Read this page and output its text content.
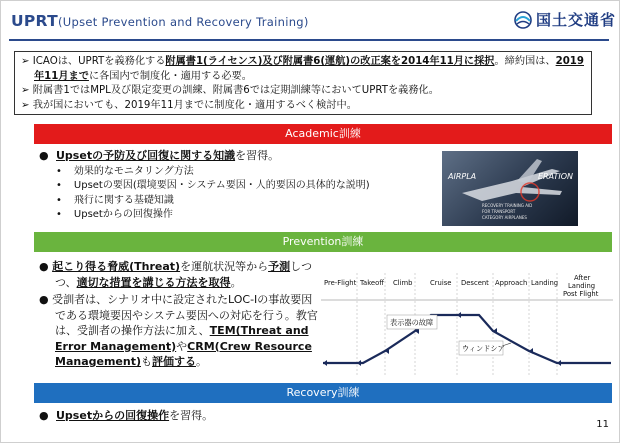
UPRT(Upset Prevention and Recovery Training)	国土交通省

➢ ICAOは、UPRTを義務化する附属書1(ライセンス)及び附属書6(運航)の改正案を2014年11月に採択。締約国は、2019年11月までに各国内で制度化・適用する必要。

➢ 附属書1ではMPL及び限定変更の訓練、附属書6では定期訓練等においてUPRTを義務化。

➢ 我が国においても、2019年11月までに制度化・適用するべく検討中。

Academic訓練
● Upsetの予防及び回復に関する知識を習得。
• 効果的なモニタリング方法
• Upsetの要因(環境要因・システム要因・人的要因の具体的な説明)
• 飛行に関する基礎知識
• Upsetからの回復操作
AIRPLA	ERATION
RECOVERY TRAINING AID
FOR TRANSPORT
CATEGORY AIRPLANES
Prevention訓練

● 起こり得る脅威(Threat)を運航状況等から予測しつつ、適切な措置を講じる方法を取得。

● 受訓者は、シナリオ中に設定されたLOC-Iの事故要因である環境要因やシステム要因への対応を行う。教官は、受訓者の操作方法に加え、TEM(Threat and Error Management)やCRM(Crew Resource Management)も評価する。

Pre-Flight Takeoff Climb	Cruise Descent Approach Landing
After
Landing
Post Flight
表示器の故障
ウィンドシア
Recovery訓練
● Upsetからの回復操作を習得。
11
